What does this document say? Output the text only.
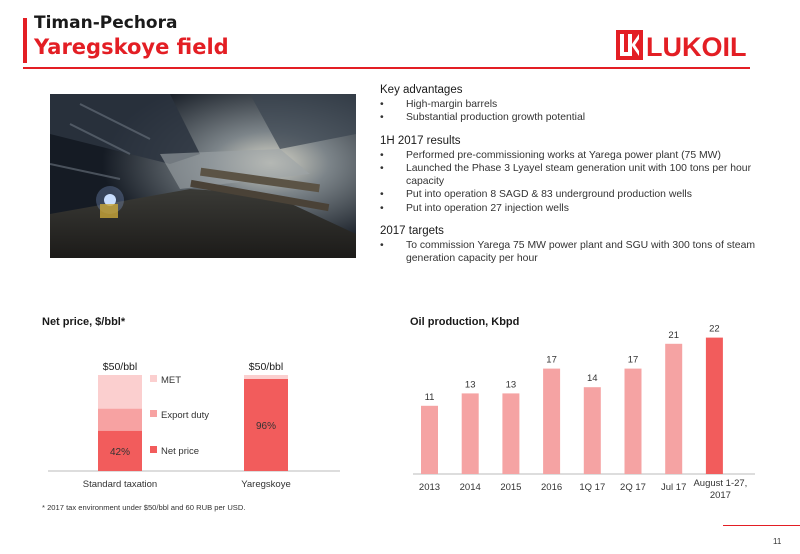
Timan-Pechora
Yaregskoye field	LUKOIL
Key advantages
• High-margin barrels
• Substantial production growth potential
1H 2017 results
• Performed pre-commissioning works at Yarega power plant (75 MW)
• Launched the Phase 3 Lyayel steam generation unit with 100 tons per hour capacity
• Put into operation 8 SAGD & 83 underground production wells
• Put into operation 27 injection wells
2017 targets
• To commission Yarega 75 MW power plant and SGU with 300 tons of steam generation capacity per hour
Net price, $/bbl*
42%
$50/bbl
Standard taxation
96%
$50/bbl
Yaregskoye
MET
Export duty
Net price
Oil production, Kbpd
11
2013
13
2014
13
2015
17
2016
14
1Q 17
17
2Q 17
21
Jul 17
22
August 1-27,
2017
* 2017 tax environment under $50/bbl and 60 RUB per USD.
11
